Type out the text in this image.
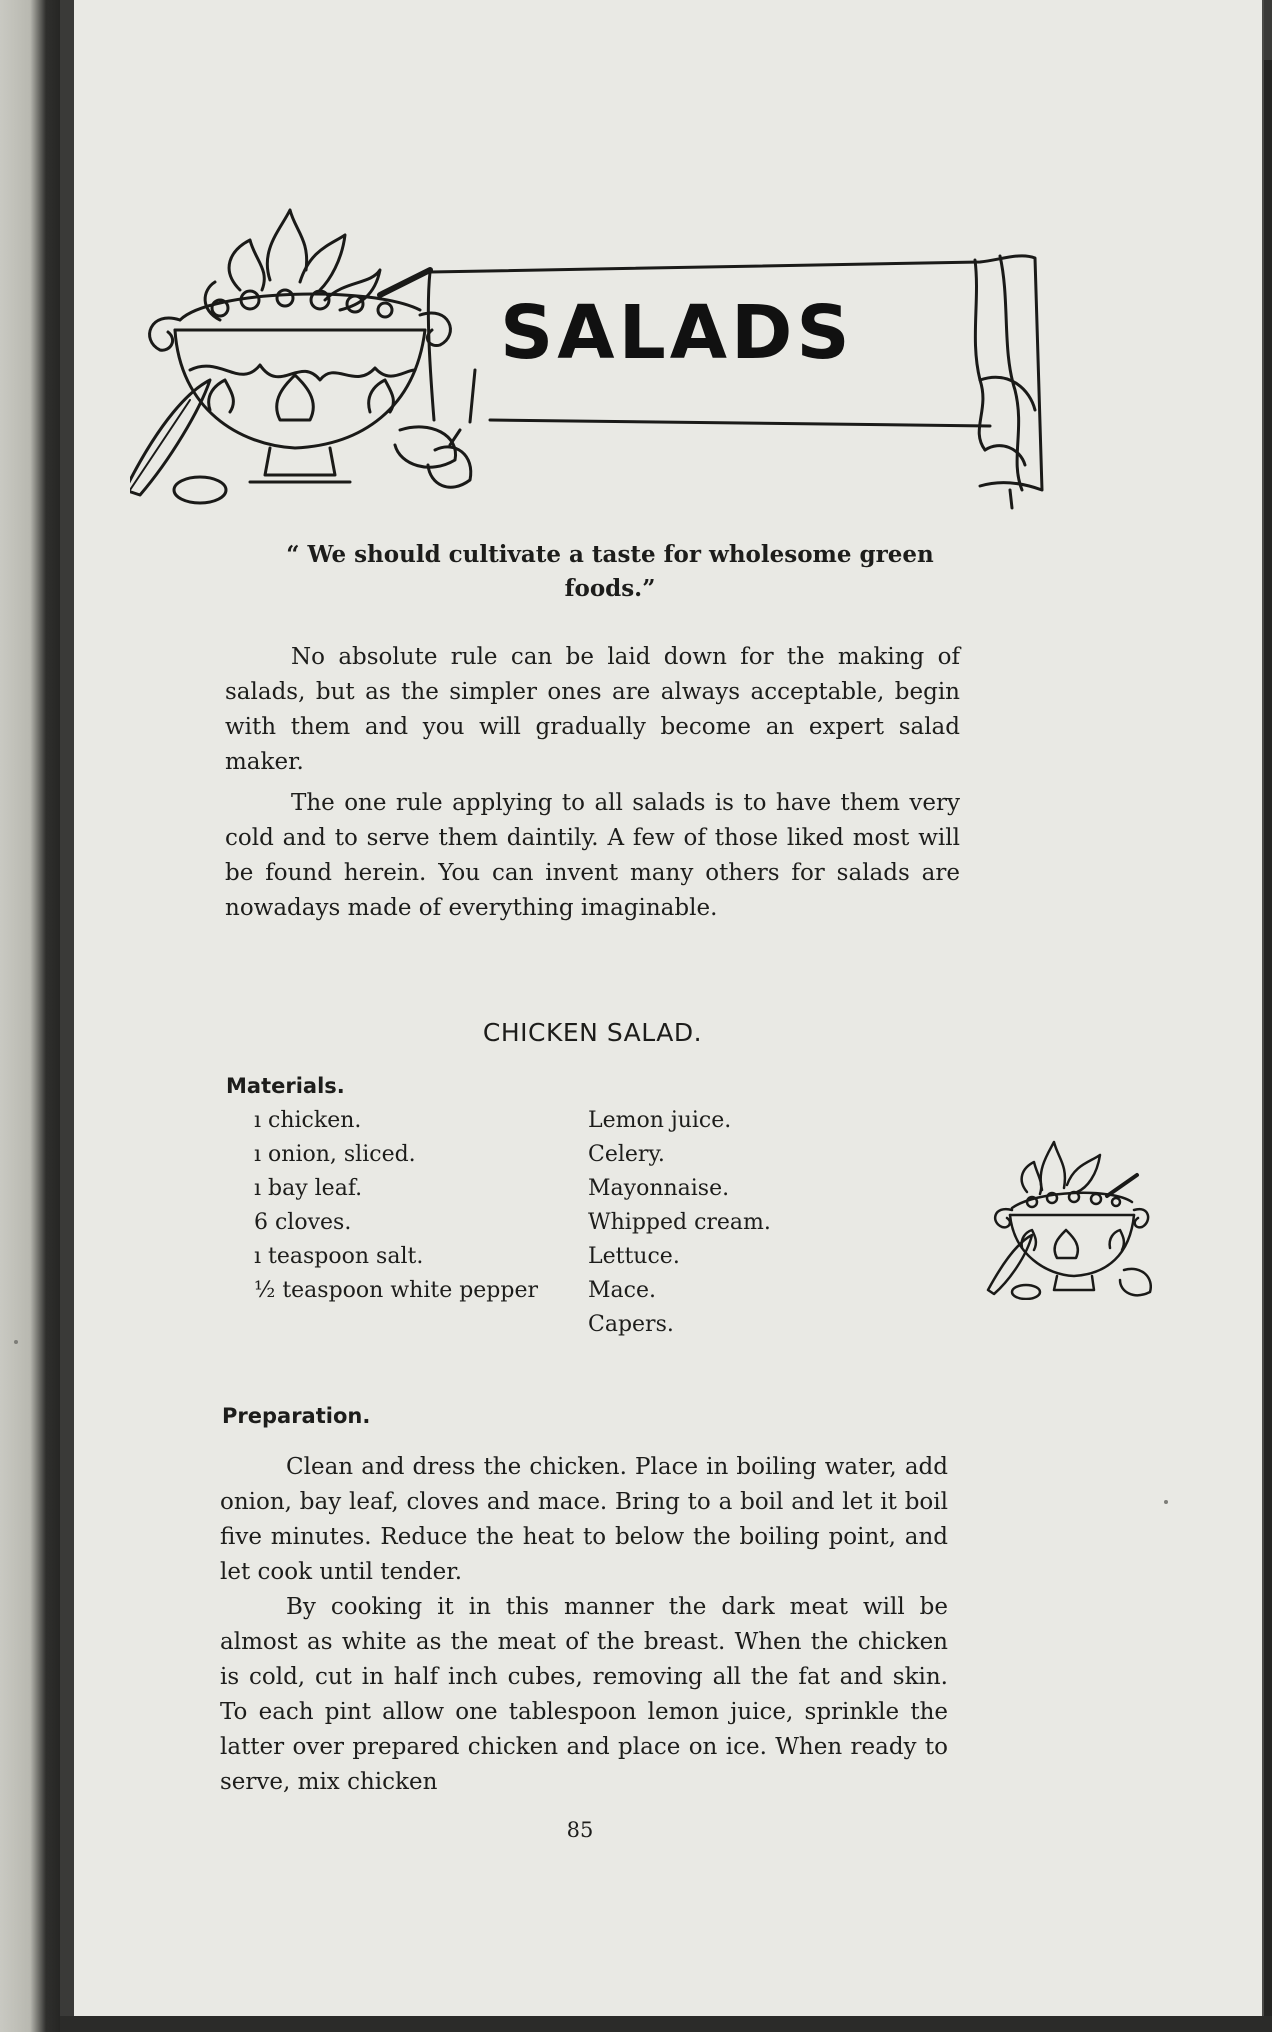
SALADS
“ We should cultivate a taste for wholesome green foods.”

No absolute rule can be laid down for the making of salads, but as the simpler ones are always acceptable, begin with them and you will gradually become an expert salad maker.

The one rule applying to all salads is to have them very cold and to serve them daintily. A few of those liked most will be found herein. You can invent many others for salads are nowadays made of everything imaginable.

CHICKEN SALAD.
Materials.
ı chicken.
ı onion, sliced.
ı bay leaf.
6 cloves.
ı teaspoon salt.
½ teaspoon white pepper
Lemon juice.
Celery.
Mayonnaise.
Whipped cream.
Lettuce.
Mace.
Capers.
Preparation.

Clean and dress the chicken. Place in boiling water, add onion, bay leaf, cloves and mace. Bring to a boil and let it boil five minutes. Reduce the heat to below the boiling point, and let cook until tender.

By cooking it in this manner the dark meat will be almost as white as the meat of the breast. When the chicken is cold, cut in half inch cubes, removing all the fat and skin. To each pint allow one tablespoon lemon juice, sprinkle the latter over prepared chicken and place on ice. When ready to serve, mix chicken

85
